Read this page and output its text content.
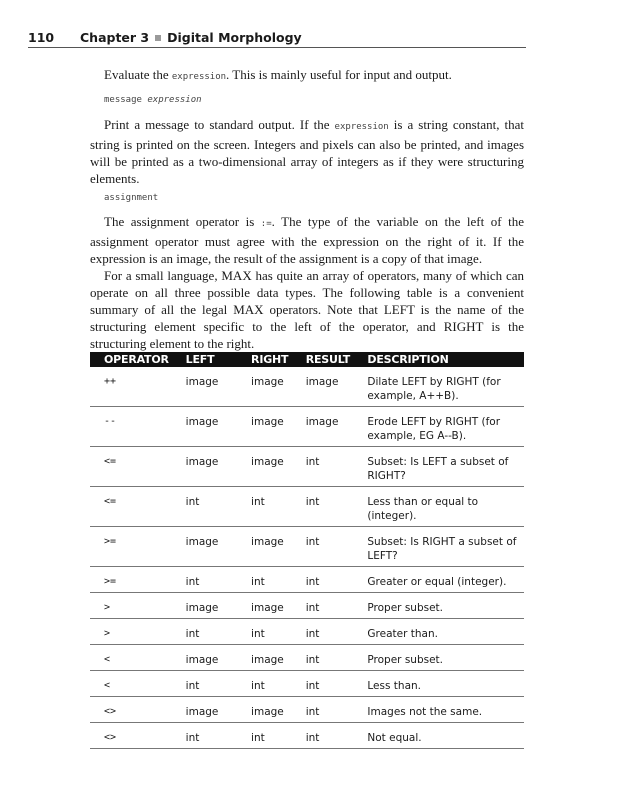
110 Chapter 3 Digital Morphology

Evaluate the expression. This is mainly useful for input and output.

message expression

Print a message to standard output. If the expression is a string constant, that string is printed on the screen. Integers and pixels can also be printed, and images will be printed as a two-dimensional array of integers as if they were structuring elements.

assignment

The assignment operator is :=. The type of the variable on the left of the assignment operator must agree with the expression on the right of it. If the expression is an image, the result of the assignment is a copy of that image.

For a small language, MAX has quite an array of operators, many of which can operate on all three possible data types. The following table is a convenient summary of all the legal MAX operators. Note that LEFT is the name of the structuring element specific to the left of the operator, and RIGHT is the structuring element to the right.

OPERATOR	LEFT	RIGHT	RESULT	DESCRIPTION
++	image	image	image	Dilate LEFT by RIGHT (for example, A++B).
--	image	image	image	Erode LEFT by RIGHT (for example, EG A--B).
<=	image	image	int	Subset: Is LEFT a subset of RIGHT?
<=	int	int	int	Less than or equal to (integer).
>=	image	image	int	Subset: Is RIGHT a subset of LEFT?
>=	int	int	int	Greater or equal (integer).
>	image	image	int	Proper subset.
>	int	int	int	Greater than.
<	image	image	int	Proper subset.
<	int	int	int	Less than.
<>	image	image	int	Images not the same.
<>	int	int	int	Not equal.
